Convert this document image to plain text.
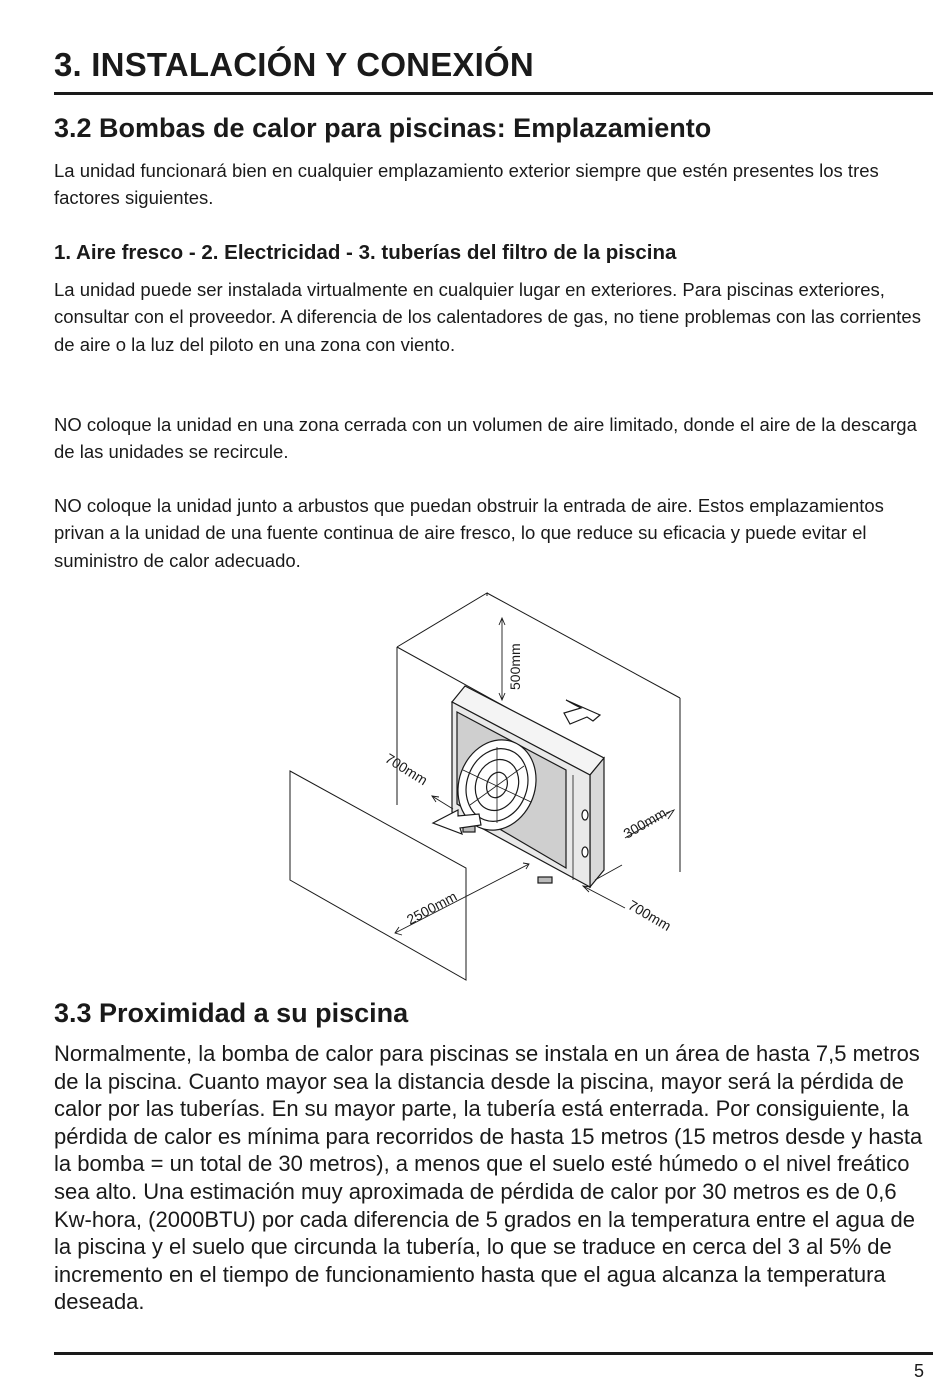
3. INSTALACIÓN Y CONEXIÓN
3.2 Bombas de calor para piscinas: Emplazamiento

La unidad funcionará bien en cualquier emplazamiento exterior siempre que estén presentes los tres factores siguientes.

1. Aire fresco - 2. Electricidad - 3. tuberías del filtro de la piscina

La unidad puede ser instalada virtualmente en cualquier lugar en exteriores. Para piscinas exteriores, consultar con el proveedor. A diferencia de los calentadores de gas, no tiene problemas con las corrientes de aire o la luz del piloto en una zona con viento.

NO coloque la unidad en una zona cerrada con un volumen de aire limitado, donde el aire de la descarga de las unidades se recircule.

NO coloque la unidad junto a arbustos que puedan obstruir la entrada de aire. Estos emplazamientos privan a la unidad de una fuente continua de aire fresco, lo que reduce su eficacia y puede evitar el suministro de calor adecuado.

500mm
700mm
300mm
2500mm	700mm
3.3 Proximidad a su piscina

Normalmente, la bomba de calor para piscinas se instala en un área de hasta 7,5 metros de la piscina. Cuanto mayor sea la distancia desde la piscina, mayor será la pérdida de calor por las tuberías. En su mayor parte, la tubería está enterrada. Por consiguiente, la pérdida de calor es mínima para recorridos de hasta 15 metros (15 metros desde y hasta la bomba = un total de 30 metros), a menos que el suelo esté húmedo o el nivel freático sea alto. Una estimación muy aproximada de pérdida de calor por 30 metros es de 0,6 Kw-hora, (2000BTU) por cada diferencia de 5 grados en la temperatura entre el agua de la piscina y el suelo que circunda la tubería, lo que se traduce en cerca del 3 al 5% de incremento en el tiempo de funcionamiento hasta que el agua alcanza la temperatura deseada.

5
